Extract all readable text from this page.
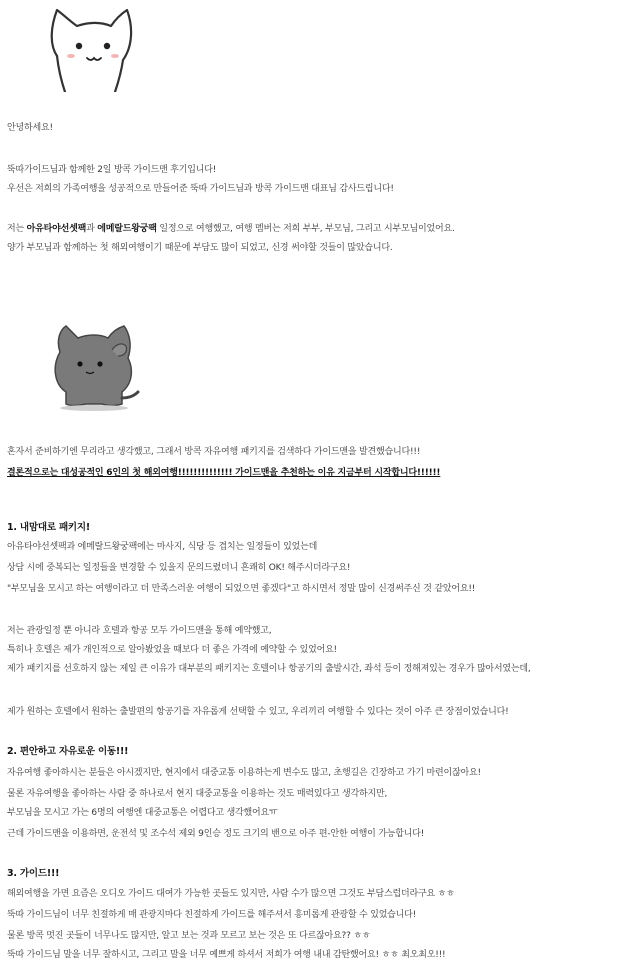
안녕하세요!
뚝따가이드님과 함께한 2일 방콕 가이드맨 후기입니다!
우선은 저희의 가족여행을 성공적으로 만들어준 뚝따 가이드님과 방콕 가이드맨 대표님 감사드립니다!
저는 아유타야선셋팩과 에메랄드왕궁팩 일정으로 여행했고, 여행 멤버는 저희 부부, 부모님, 그리고 시부모님이었어요.
양가 부모님과 함께하는 첫 해외여행이기 때문에 부담도 많이 되었고, 신경 써야할 것들이 많았습니다.
혼자서 준비하기엔 무리라고 생각했고, 그래서 방콕 자유여행 패키지를 검색하다 가이드맨을 발견했습니다!!!
결론적으로는 대성공적인 6인의 첫 해외여행!!!!!!!!!!!!!! 가이드맨을 추천하는 이유 지금부터 시작합니다!!!!!!
1. 내맘대로 패키지!
아유타야선셋팩과 에메랄드왕궁팩에는 마사지, 식당 등 겹치는 일정들이 있었는데
상담 시에 중복되는 일정들을 변경할 수 있을지 문의드렸더니 흔쾌히 OK! 해주시더라구요!
"부모님을 모시고 하는 여행이라고 더 만족스러운 여행이 되었으면 좋겠다"고 하시면서 정말 많이 신경써주신 것 같았어요!!
저는 관광일정 뿐 아니라 호텔과 항공 모두 가이드맨을 통해 예약했고,
특히나 호텔은 제가 개인적으로 알아봤었을 때보다 더 좋은 가격에 예약할 수 있었어요!
제가 패키지를 선호하지 않는 제일 큰 이유가 대부분의 패키지는 호텔이나 항공기의 출발시간, 좌석 등이 정해져있는 경우가 많아서였는데,
제가 원하는 호텔에서 원하는 출발편의 항공기를 자유롭게 선택할 수 있고, 우리끼리 여행할 수 있다는 것이 아주 큰 장점이었습니다!
2. 편안하고 자유로운 이동!!!
자유여행 좋아하시는 분들은 아시겠지만, 현지에서 대중교통 이용하는게 변수도 많고, 초행길은 긴장하고 가기 마련이잖아요!
물론 자유여행을 좋아하는 사람 중 하나로서 현지 대중교통을 이용하는 것도 매력있다고 생각하지만,
부모님을 모시고 가는 6명의 여행엔 대중교통은 어렵다고 생각했어요ㅠ
근데 가이드맨을 이용하면, 운전석 및 조수석 제외 9인승 정도 크기의 밴으로 아주 편-안한 여행이 가능합니다!
3. 가이드!!!
해외여행을 가면 요즘은 오디오 가이드 대여가 가능한 곳들도 있지만, 사람 수가 많으면 그것도 부담스럽더라구요 ㅎㅎ
뚝따 가이드님이 너무 친절하게 매 관광지마다 친절하게 가이드를 해주셔서 흥미롭게 관광할 수 있었습니다!
물론 방콕 멋진 곳들이 너무나도 많지만, 알고 보는 것과 모르고 보는 것은 또 다르잖아요?? ㅎㅎ
뚝따 가이드님 말을 너무 잘하시고, 그리고 말을 너무 예쁘게 하셔서 저희가 여행 내내 감탄했어요! ㅎㅎ 최오최오!!!
